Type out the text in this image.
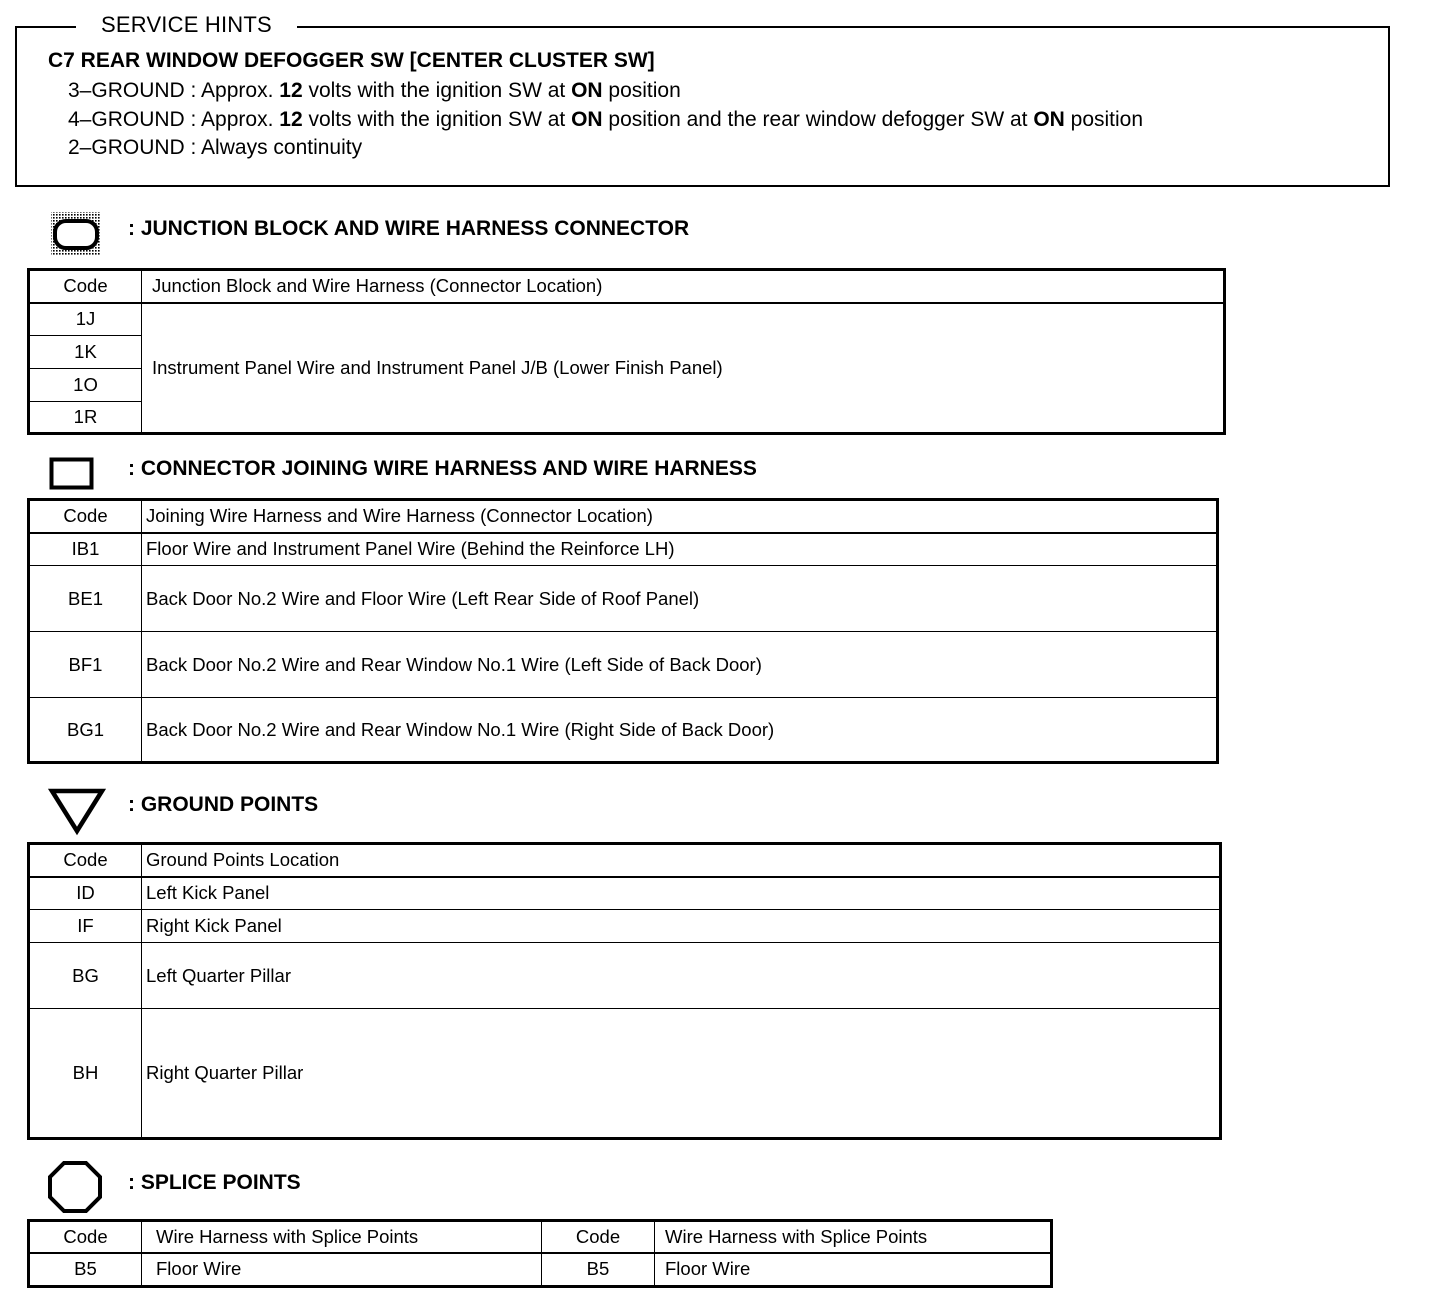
SERVICE HINTS
C7 REAR WINDOW DEFOGGER SW [CENTER CLUSTER SW]
3–GROUND : Approx. 12 volts with the ignition SW at ON position
4–GROUND : Approx. 12 volts with the ignition SW at ON position and the rear window defogger SW at ON position
2–GROUND : Always continuity
: JUNCTION BLOCK AND WIRE HARNESS CONNECTOR
Code	Junction Block and Wire Harness (Connector Location)
1J	Instrument Panel Wire and Instrument Panel J/B (Lower Finish Panel)
1K	
1O	
1R	
: CONNECTOR JOINING WIRE HARNESS AND WIRE HARNESS
Code	Joining Wire Harness and Wire Harness (Connector Location)
IB1	Floor Wire and Instrument Panel Wire (Behind the Reinforce LH)
BE1	Back Door No.2 Wire and Floor Wire (Left Rear Side of Roof Panel)
BF1	Back Door No.2 Wire and Rear Window No.1 Wire (Left Side of Back Door)
BG1	Back Door No.2 Wire and Rear Window No.1 Wire (Right Side of Back Door)
: GROUND POINTS
Code	Ground Points Location
ID	Left Kick Panel
IF	Right Kick Panel
BG	Left Quarter Pillar
BH	Right Quarter Pillar
: SPLICE POINTS
Code	Wire Harness with Splice Points	Code	Wire Harness with Splice Points
B5	Floor Wire	B5	Floor Wire
